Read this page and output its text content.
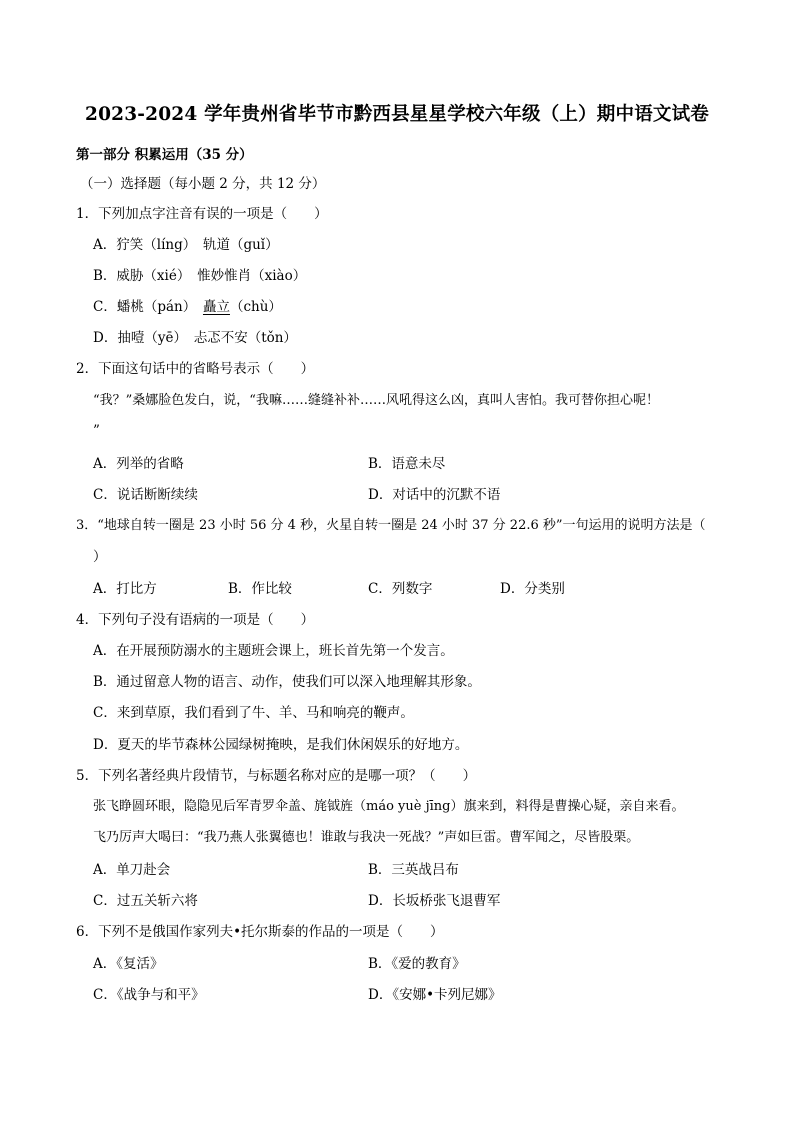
2023-2024 学年贵州省毕节市黔西县星星学校六年级（上）期中语文试卷
第一部分 积累运用（35 分）
（一）选择题（每小题 2 分，共 12 分）
1．下列加点字注音有误的一项是（　　）
A．狞笑（líng）　轨道（guǐ）
B．威胁（xié）　惟妙惟肖（xiào）
C．蟠桃（pán）　矗立（chù）
D．抽噎（yē）　忐忑不安（tǒn）
2．下面这句话中的省略号表示（　　）
“我？”桑娜脸色发白，说，“我嘛……缝缝补补……风吼得这么凶，真叫人害怕。我可替你担心呢！
”
A．列举的省略	B．语意未尽
C．说话断断续续	D．对话中的沉默不语
3．“地球自转一圈是 23 小时 56 分 4 秒，火星自转一圈是 24 小时 37 分 22.6 秒”一句运用的说明方法是（
）
A．打比方	B．作比较	C．列数字	D．分类别
4．下列句子没有语病的一项是（　　）
A．在开展预防溺水的主题班会课上，班长首先第一个发言。
B．通过留意人物的语言、动作，使我们可以深入地理解其形象。
C．来到草原，我们看到了牛、羊、马和响亮的鞭声。
D．夏天的毕节森林公园绿树掩映，是我们休闲娱乐的好地方。
5．下列名著经典片段情节，与标题名称对应的是哪一项？（　　）
张飞睁圆环眼，隐隐见后军青罗伞盖、旄钺旌（máo yuè jīng）旗来到，料得是曹操心疑，亲自来看。
飞乃厉声大喝曰：“我乃燕人张翼德也！谁敢与我决一死战？”声如巨雷。曹军闻之，尽皆股栗。
A．单刀赴会	B．三英战吕布
C．过五关斩六将	D．长坂桥张飞退曹军
6．下列不是俄国作家列夫•托尔斯泰的作品的一项是（　　）
A．《复活》	B．《爱的教育》
C．《战争与和平》	D．《安娜•卡列尼娜》
